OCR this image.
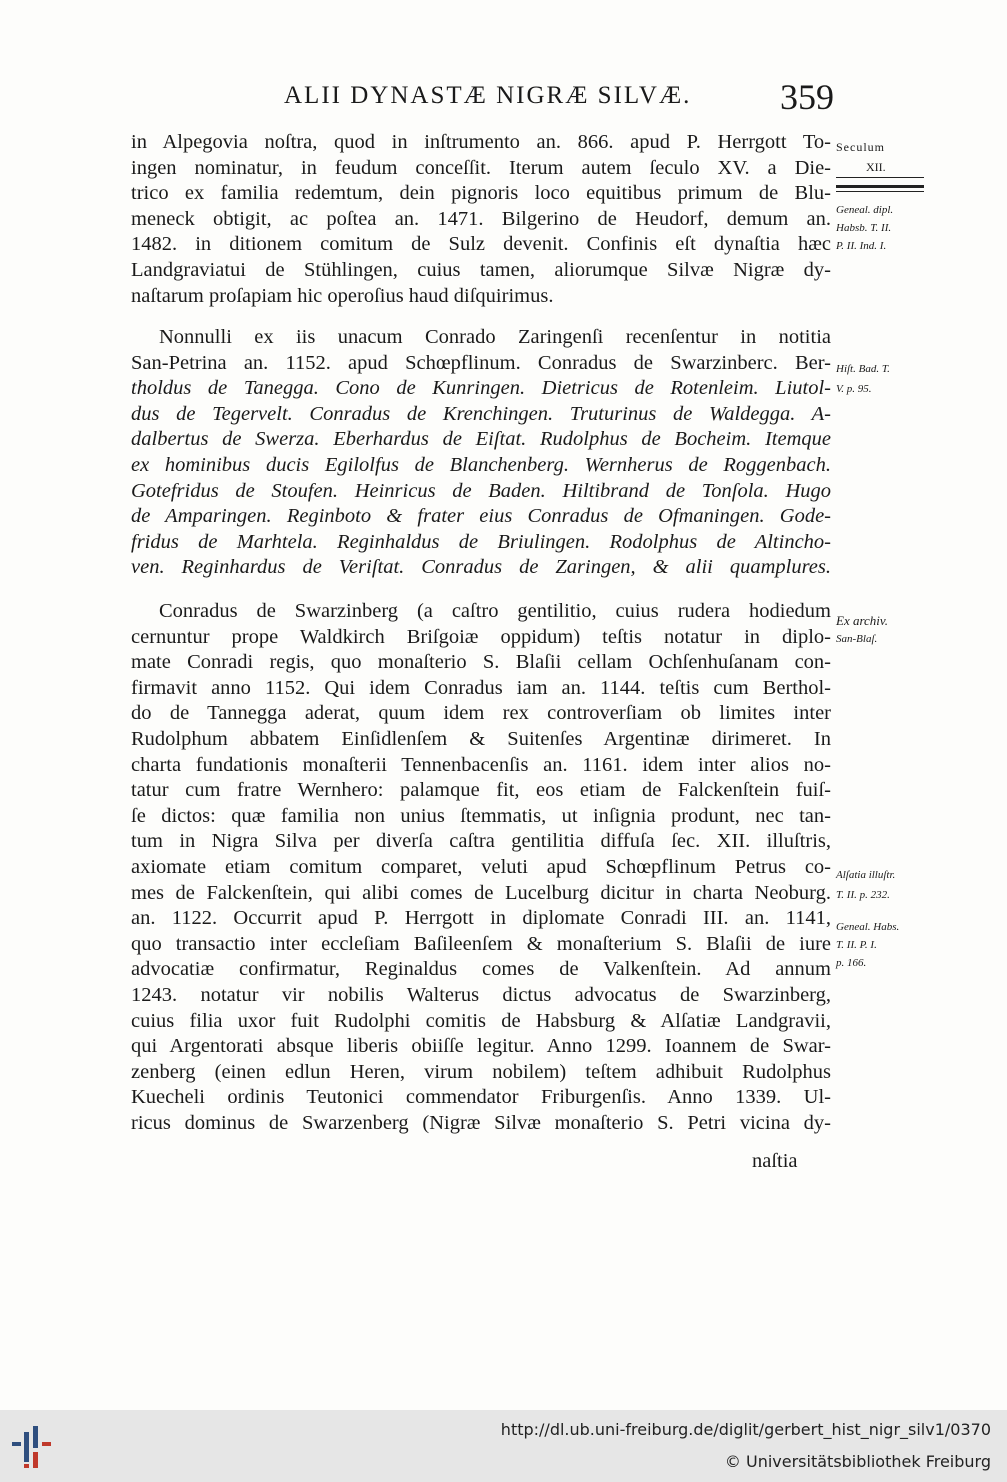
ALII DYNASTÆ NIGRÆ SILVÆ. 359
in Alpegovia noſtra, quod in inſtrumento an. 866. apud P. Herrgott To-
ingen nominatur, in feudum conceſſit. Iterum autem ſeculo XV. a Die-
trico ex familia redemtum, dein pignoris loco equitibus primum de Blu-
meneck obtigit, ac poſtea an. 1471. Bilgerino de Heudorf, demum an.
1482. in ditionem comitum de Sulz devenit. Confinis eſt dynaſtia hæc
Landgraviatui de Stühlingen, cuius tamen, aliorumque Silvæ Nigræ dy-
naſtarum proſapiam hic operoſius haud diſquirimus.
Nonnulli ex iis unacum Conrado Zaringenſi recenſentur in notitia
San-Petrina an. 1152. apud Schœpflinum. Conradus de Swarzinberc. Ber-
tholdus de Tanegga. Cono de Kunringen. Dietricus de Rotenleim. Liutol-
dus de Tegervelt. Conradus de Krenchingen. Truturinus de Waldegga. A-
dalbertus de Swerza. Eberhardus de Eiſtat. Rudolphus de Bocheim. Itemque
ex hominibus ducis Egilolfus de Blanchenberg. Wernherus de Roggenbach.
Gotefridus de Stoufen. Heinricus de Baden. Hiltibrand de Tonſola. Hugo
de Amparingen. Reginboto & frater eius Conradus de Ofmaningen. Gode-
fridus de Marhtela. Reginhaldus de Briulingen. Rodolphus de Altincho-
ven. Reginhardus de Veriſtat. Conradus de Zaringen, & alii quamplures.
Conradus de Swarzinberg (a caſtro gentilitio, cuius rudera hodiedum
cernuntur prope Waldkirch Briſgoiæ oppidum) teſtis notatur in diplo-
mate Conradi regis, quo monaſterio S. Blaſii cellam Ochſenhuſanam con-
firmavit anno 1152. Qui idem Conradus iam an. 1144. teſtis cum Berthol-
do de Tannegga aderat, quum idem rex controverſiam ob limites inter
Rudolphum abbatem Einſidlenſem & Suitenſes Argentinæ dirimeret. In
charta fundationis monaſterii Tennenbacenſis an. 1161. idem inter alios no-
tatur cum fratre Wernhero: palamque fit, eos etiam de Falckenſtein fuiſ-
ſe dictos: quæ familia non unius ſtemmatis, ut inſignia produnt, nec tan-
tum in Nigra Silva per diverſa caſtra gentilitia diffuſa ſec. XII. illuſtris,
axiomate etiam comitum comparet, veluti apud Schœpflinum Petrus co-
mes de Falckenſtein, qui alibi comes de Lucelburg dicitur in charta Neoburg.
an. 1122. Occurrit apud P. Herrgott in diplomate Conradi III. an. 1141,
quo transactio inter eccleſiam Baſileenſem & monaſterium S. Blaſii de iure
advocatiæ confirmatur, Reginaldus comes de Valkenſtein. Ad annum
1243. notatur vir nobilis Walterus dictus advocatus de Swarzinberg,
cuius filia uxor fuit Rudolphi comitis de Habsburg & Alſatiæ Landgravii,
qui Argentorati absque liberis obiiſſe legitur. Anno 1299. Ioannem de Swar-
zenberg (einen edlun Heren, virum nobilem) teſtem adhibuit Rudolphus
Kuecheli ordinis Teutonici commendator Friburgenſis. Anno 1339. Ul-
ricus dominus de Swarzenberg (Nigræ Silvæ monaſterio S. Petri vicina dy-
naſtia
Seculum
XII.
Geneal. dipl.
Habsb. T. II.
P. II. Ind. I.
Hiſt. Bad. T.
V. p. 95.
Ex archiv.
San-Blaſ.
Alſatia illuſtr.
T. II. p. 232.
Geneal. Habs.
T. II. P. I.
p. 166.
http://dl.ub.uni-freiburg.de/diglit/gerbert_hist_nigr_silv1/0370
© Universitätsbibliothek Freiburg
